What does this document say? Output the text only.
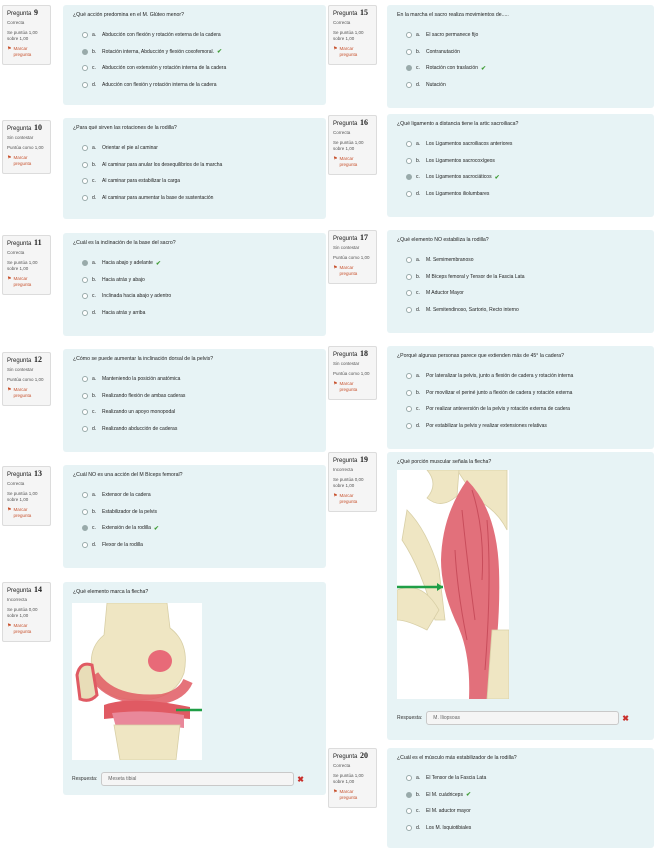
Pregunta 9
Correcta
Se puntúa 1,00 sobre 1,00
⚑ Marcar pregunta
¿Qué acción predomina en el M. Glúteo menor?
a.	Abducción con flexión y rotación externa de la cadera
b.	Rotación interna, Abducción y flexión coxofemoral. ✔
c.	Abducción con extensión y rotación interna de la cadera
d.	Aducción con flexión y rotación interna de la cadera
Pregunta 10
Sin contestar
Puntúa como 1,00
⚑ Marcar pregunta
¿Para qué sirven las rotaciones de la rodilla?
a.	Orientar el pie al caminar
b.	Al caminar para anular los desequilibrios de la marcha
c.	Al caminar para estabilizar la carga
d.	Al caminar para aumentar la base de sustentación
Pregunta 11
Correcta
Se puntúa 1,00 sobre 1,00
⚑ Marcar pregunta
¿Cuál es la inclinación de la base del sacro?
a.	Hacia abajo y adelante ✔
b.	Hacia atrás y abajo
c.	Inclinada hacia abajo y adentro
d.	Hacia atrás y arriba
Pregunta 12
Sin contestar
Puntúa como 1,00
⚑ Marcar pregunta
¿Cómo se puede aumentar la inclinación dorsal de la pelvis?
a.	Manteniendo la posición anatómica
b.	Realizando flexión de ambas caderas
c.	Realizando un apoyo monopodal
d.	Realizando abducción de caderas
Pregunta 13
Correcta
Se puntúa 1,00 sobre 1,00
⚑ Marcar pregunta
¿Cuál NO es una acción del M Bíceps femoral?
a.	Extensor de la cadera
b.	Estabilizador de la pelvis
c.	Extensión de la rodilla ✔
d.	Flexor de la rodilla
Pregunta 14
Incorrecta
Se puntúa 0,00 sobre 1,00
⚑ Marcar pregunta
¿Qué elemento marca la flecha?
Pregunta 15
Correcta
Se puntúa 1,00 sobre 1,00
⚑ Marcar pregunta
En la marcha el sacro realiza movimientos de.....
a.	El sacro permanece fijo
b.	Contranutación
c.	Rotación con traslación ✔
d.	Nutación
Pregunta 16
Correcta
Se puntúa 1,00 sobre 1,00
⚑ Marcar pregunta
¿Qué ligamento a distancia tiene la artic sacroiliaca?
a.	Los Ligamentos sacroiliacos anteriores
b.	Los Ligamentos sacrocoxígeos
c.	Los Ligamentos sacrociáticos ✔
d.	Los Ligamentos iliolumbares
Pregunta 17
Sin contestar
Puntúa como 1,00
⚑ Marcar pregunta
¿Qué elemento NO estabiliza la rodilla?
a.	M. Semimembranoso
b.	M Bíceps femoral y Tensor de la Fascia Lata
c.	M Aductor Mayor
d.	M. Semitendinoso, Sartorio, Recto interno
Pregunta 18
Sin contestar
Puntúa como 1,00
⚑ Marcar pregunta
¿Porqué algunas personas parece que extienden más de 45° la cadera?
a.	Por lateralizar la pelvis, junto a flexión de cadera y rotación interna
b.	Por movilizar el periné junto a flexión de cadera y rotación externa
c.	Por realizar anteversión de la pelvis y rotación externa de cadera
d.	Por estabilizar la pelvis y realizar extensiones relativas
Pregunta 19
Incorrecta
Se puntúa 0,00 sobre 1,00
⚑ Marcar pregunta
¿Qué porción muscular señala la flecha?
Pregunta 20
Correcta
Se puntúa 1,00 sobre 1,00
⚑ Marcar pregunta
¿Cuál es el músculo más estabilizador de la rodilla?
a.	El Tensor de la Fascia Lata
b.	El M. cuádriceps ✔
c.	El M. aductor mayor
d.	Los M. Isquiotibiales
Respuesta:	Meseta tibial	✖
Respuesta:	M. Iliopsoas	✖
